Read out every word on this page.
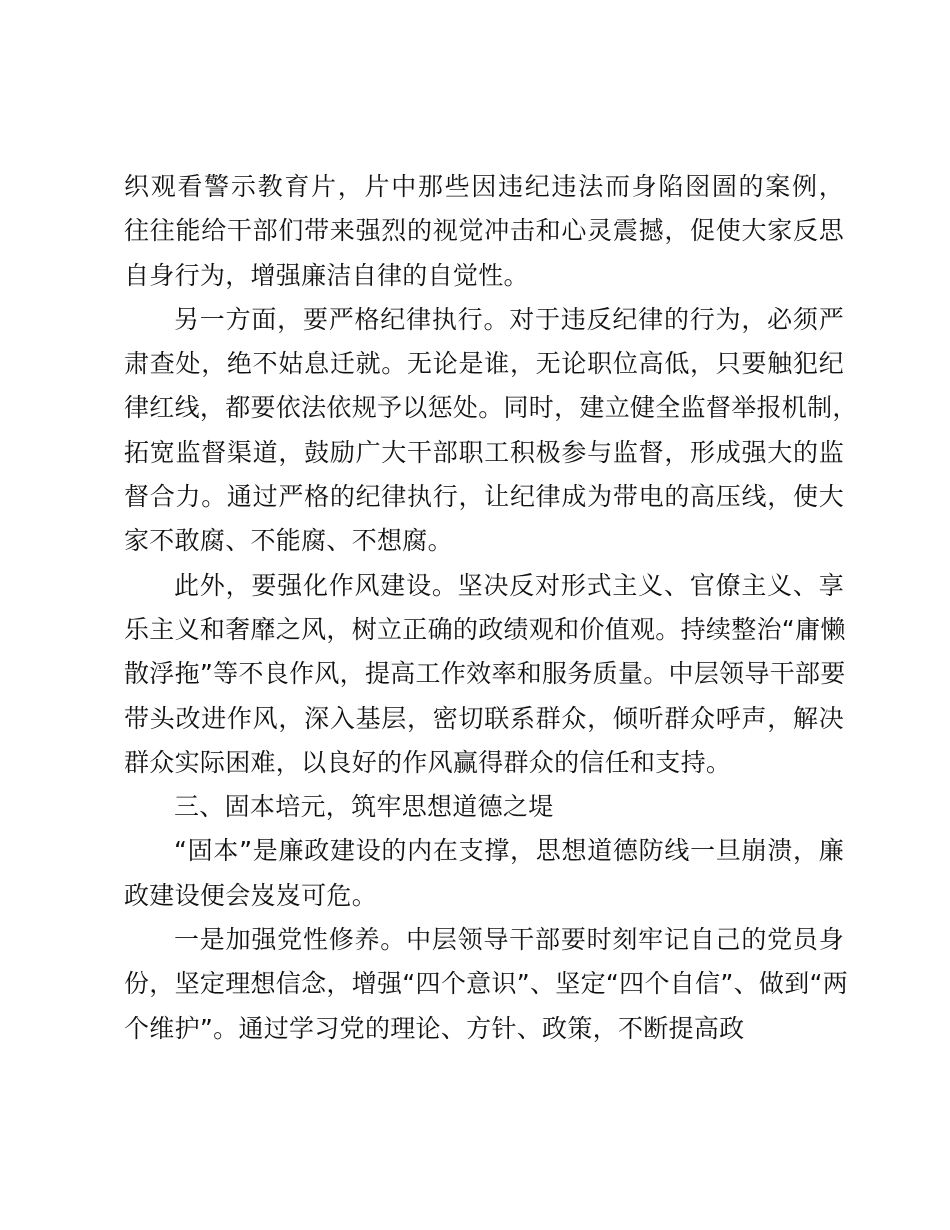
织观看警示教育片，片中那些因违纪违法而身陷囹圄的案例，
往往能给干部们带来强烈的视觉冲击和心灵震撼，促使大家反思
自身行为，增强廉洁自律的自觉性。
另一方面，要严格纪律执行。对于违反纪律的行为，必须严
肃查处，绝不姑息迁就。无论是谁，无论职位高低，只要触犯纪
律红线，都要依法依规予以惩处。同时，建立健全监督举报机制，
拓宽监督渠道，鼓励广大干部职工积极参与监督，形成强大的监
督合力。通过严格的纪律执行，让纪律成为带电的高压线，使大
家不敢腐、不能腐、不想腐。
此外，要强化作风建设。坚决反对形式主义、官僚主义、享
乐主义和奢靡之风，树立正确的政绩观和价值观。持续整治“庸懒
散浮拖”等不良作风，提高工作效率和服务质量。中层领导干部要
带头改进作风，深入基层，密切联系群众，倾听群众呼声，解决
群众实际困难，以良好的作风赢得群众的信任和支持。
三、固本培元，筑牢思想道德之堤
“固本”是廉政建设的内在支撑，思想道德防线一旦崩溃，廉
政建设便会岌岌可危。
一是加强党性修养。中层领导干部要时刻牢记自己的党员身
份，坚定理想信念，增强“四个意识”、坚定“四个自信”、做到“两
个维护”。通过学习党的理论、方针、政策，不断提高政
